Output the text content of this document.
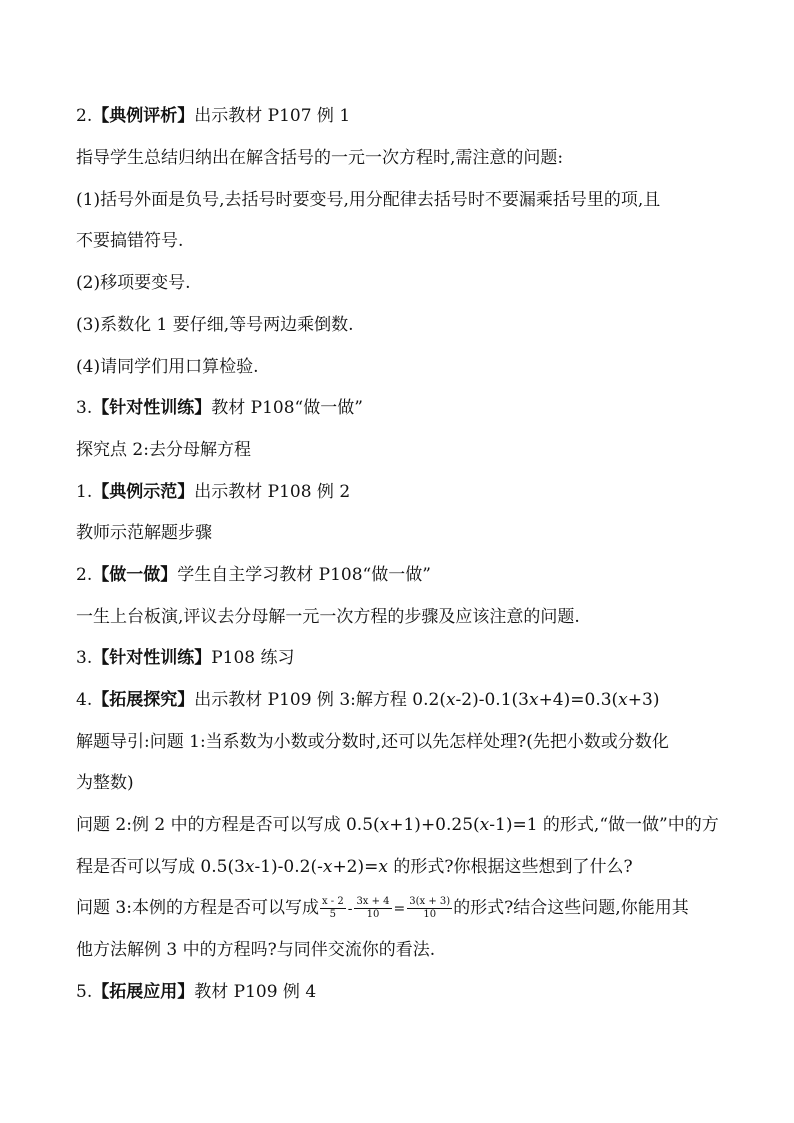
2.【典例评析】出示教材 P107 例 1
指导学生总结归纳出在解含括号的一元一次方程时,需注意的问题:
(1)括号外面是负号,去括号时要变号,用分配律去括号时不要漏乘括号里的项,且
不要搞错符号.
(2)移项要变号.
(3)系数化 1 要仔细,等号两边乘倒数.
(4)请同学们用口算检验.
3.【针对性训练】教材 P108“做一做”
探究点 2:去分母解方程
1.【典例示范】出示教材 P108 例 2
教师示范解题步骤
2.【做一做】学生自主学习教材 P108“做一做”
一生上台板演,评议去分母解一元一次方程的步骤及应该注意的问题.
3.【针对性训练】P108 练习
4.【拓展探究】出示教材 P109 例 3:解方程 0.2(x-2)-0.1(3x+4)=0.3(x+3)
解题导引:问题 1:当系数为小数或分数时,还可以先怎样处理?(先把小数或分数化
为整数)
问题 2:例 2 中的方程是否可以写成 0.5(x+1)+0.25(x-1)=1 的形式,“做一做”中的方
程是否可以写成 0.5(3x-1)-0.2(-x+2)=x 的形式?你根据这些想到了什么?
问题 3:本例的方程是否可以写成 $\frac{x - 2}{5} - \frac{3x + 4}{10} = \frac{3(x + 3)}{10}$ 的形式?结合这些问题,你能用其
他方法解例 3 中的方程吗?与同伴交流你的看法.
5.【拓展应用】教材 P109 例 4
